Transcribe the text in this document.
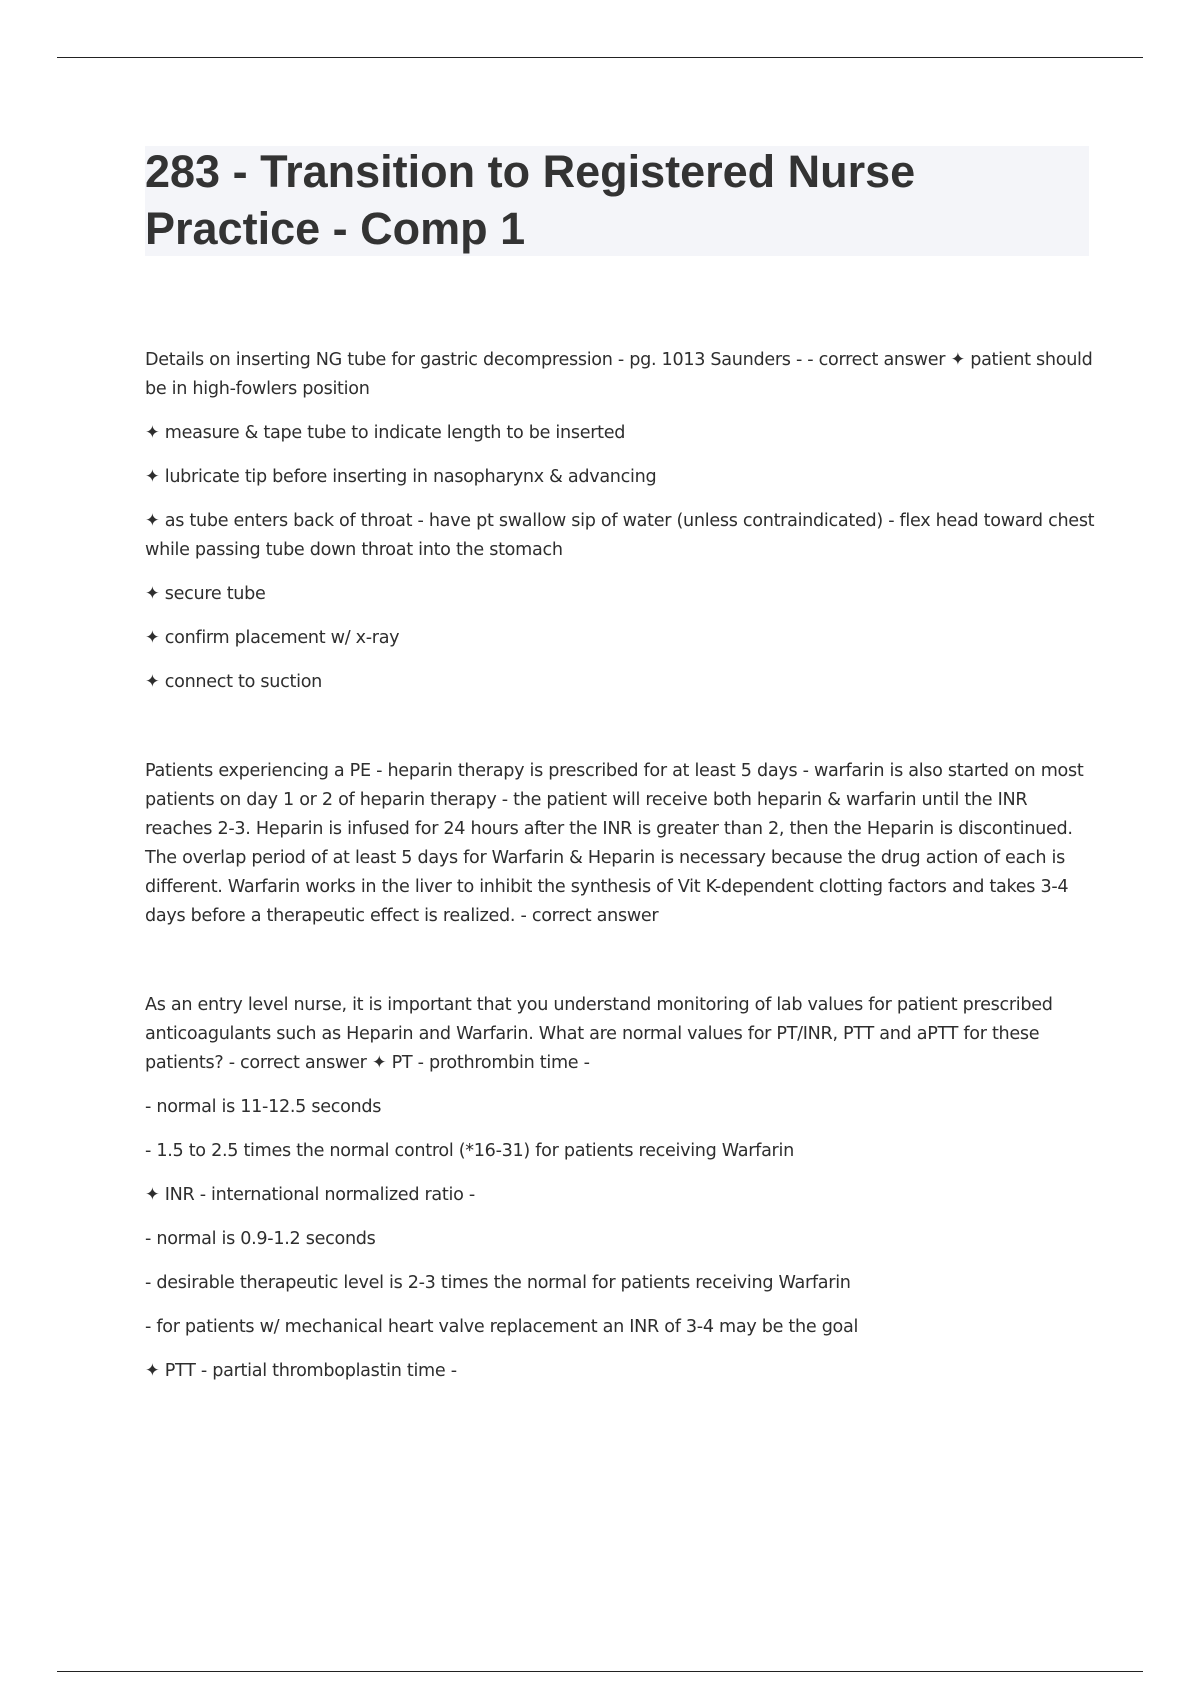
283 - Transition to Registered Nurse Practice - Comp 1

Details on inserting NG tube for gastric decompression - pg. 1013 Saunders - - correct answer ✦ patient should be in high-fowlers position

✦ measure & tape tube to indicate length to be inserted

✦ lubricate tip before inserting in nasopharynx & advancing

✦ as tube enters back of throat - have pt swallow sip of water (unless contraindicated) - flex head toward chest while passing tube down throat into the stomach

✦ secure tube

✦ confirm placement w/ x-ray

✦ connect to suction

Patients experiencing a PE - heparin therapy is prescribed for at least 5 days - warfarin is also started on most patients on day 1 or 2 of heparin therapy - the patient will receive both heparin & warfarin until the INR reaches 2-3. Heparin is infused for 24 hours after the INR is greater than 2, then the Heparin is discontinued. The overlap period of at least 5 days for Warfarin & Heparin is necessary because the drug action of each is different. Warfarin works in the liver to inhibit the synthesis of Vit K-dependent clotting factors and takes 3-4 days before a therapeutic effect is realized. - correct answer

As an entry level nurse, it is important that you understand monitoring of lab values for patient prescribed anticoagulants such as Heparin and Warfarin. What are normal values for PT/INR, PTT and aPTT for these patients? - correct answer ✦ PT - prothrombin time -

- normal is 11-12.5 seconds

- 1.5 to 2.5 times the normal control (*16-31) for patients receiving Warfarin

✦ INR - international normalized ratio -

- normal is 0.9-1.2 seconds

- desirable therapeutic level is 2-3 times the normal for patients receiving Warfarin

- for patients w/ mechanical heart valve replacement an INR of 3-4 may be the goal

✦ PTT - partial thromboplastin time -
